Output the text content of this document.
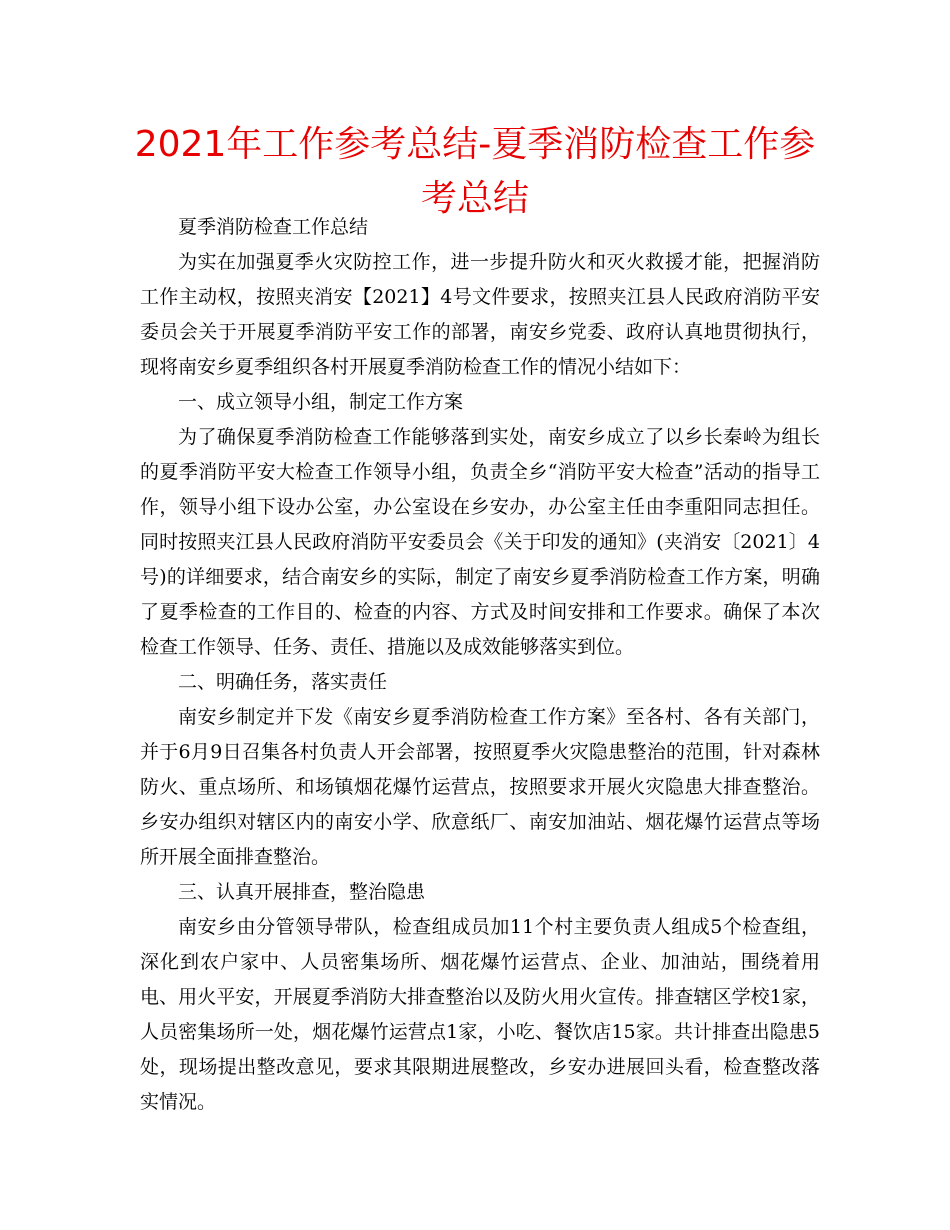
2021年工作参考总结-夏季消防检查工作参考总结

夏季消防检查工作总结

为实在加强夏季火灾防控工作，进一步提升防火和灭火救援才能，把握消防工作主动权，按照夹消安【2021】4号文件要求，按照夹江县人民政府消防平安委员会关于开展夏季消防平安工作的部署，南安乡党委、政府认真地贯彻执行，现将南安乡夏季组织各村开展夏季消防检查工作的情况小结如下：

一、成立领导小组，制定工作方案

为了确保夏季消防检查工作能够落到实处，南安乡成立了以乡长秦岭为组长的夏季消防平安大检查工作领导小组，负责全乡“消防平安大检查”活动的指导工作，领导小组下设办公室，办公室设在乡安办，办公室主任由李重阳同志担任。同时按照夹江县人民政府消防平安委员会《关于印发的通知》(夹消安〔2021〕4号)的详细要求，结合南安乡的实际，制定了南安乡夏季消防检查工作方案，明确了夏季检查的工作目的、检查的内容、方式及时间安排和工作要求。确保了本次检查工作领导、任务、责任、措施以及成效能够落实到位。

二、明确任务，落实责任

南安乡制定并下发《南安乡夏季消防检查工作方案》至各村、各有关部门，并于6月9日召集各村负责人开会部署，按照夏季火灾隐患整治的范围，针对森林防火、重点场所、和场镇烟花爆竹运营点，按照要求开展火灾隐患大排查整治。乡安办组织对辖区内的南安小学、欣意纸厂、南安加油站、烟花爆竹运营点等场所开展全面排查整治。

三、认真开展排查，整治隐患

南安乡由分管领导带队，检查组成员加11个村主要负责人组成5个检查组，深化到农户家中、人员密集场所、烟花爆竹运营点、企业、加油站，围绕着用电、用火平安，开展夏季消防大排查整治以及防火用火宣传。排查辖区学校1家，人员密集场所一处，烟花爆竹运营点1家，小吃、餐饮店15家。共计排查出隐患5处，现场提出整改意见，要求其限期进展整改，乡安办进展回头看，检查整改落实情况。
